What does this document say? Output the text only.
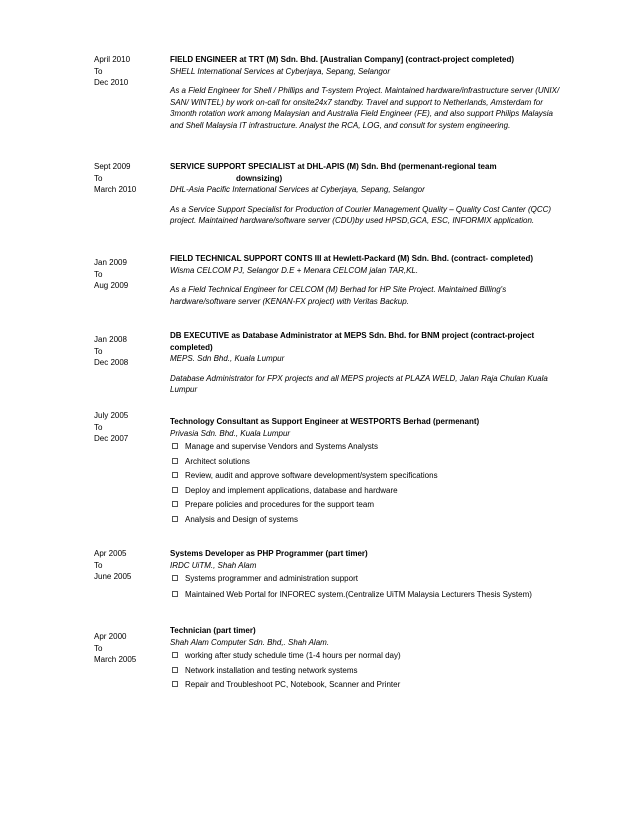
April 2010
To
Dec 2010
FIELD ENGINEER at TRT (M) Sdn. Bhd. [Australian Company] (contract-project completed)
SHELL International Services at Cyberjaya, Sepang, Selangor
As a Field Engineer for Shell / Phillips and T-system Project. Maintained hardware/infrastructure server (UNIX/ SAN/ WINTEL) by work on-call for onsite24x7 standby. Travel and support to Netherlands, Amsterdam for 3month rotation work among Malaysian and Australia Field Engineer (FE), and also support Philips Malaysia and Shell Malaysia IT infrastructure. Analyst the RCA, LOG, and consult for system engineering.
Sept 2009
To
March 2010
SERVICE SUPPORT SPECIALIST at DHL-APIS (M) Sdn. Bhd (permenant-regional team
downsizing)
DHL-Asia Pacific International Services at Cyberjaya, Sepang, Selangor
As a Service Support Specialist for Production of Courier Management Quality – Quality Cost Canter (QCC) project. Maintained hardware/software server (CDU)by used HPSD,GCA, ESC, INFORMIX application.
Jan 2009
To
Aug 2009
FIELD TECHNICAL SUPPORT CONTS III at Hewlett-Packard (M) Sdn. Bhd. (contract- completed)
Wisma CELCOM PJ, Selangor D.E + Menara CELCOM jalan TAR,KL.
As a Field Technical Engineer for CELCOM (M) Berhad for HP Site Project. Maintained Billing's hardware/software server (KENAN-FX project) with Veritas Backup.
Jan 2008
To
Dec 2008
DB EXECUTIVE as Database Administrator at MEPS Sdn. Bhd. for BNM project (contract-project completed)
MEPS. Sdn Bhd., Kuala Lumpur
Database Administrator for FPX projects and all MEPS projects at PLAZA WELD, Jalan Raja Chulan Kuala Lumpur
July 2005
To
Dec 2007
Technology Consultant as Support Engineer at WESTPORTS Berhad (permenant)
Privasia Sdn. Bhd., Kuala Lumpur
Manage and supervise Vendors and Systems Analysts
Architect solutions
Review, audit and approve software development/system specifications
Deploy and implement applications, database and hardware
Prepare policies and procedures for the support team
Analysis and Design of systems
Apr 2005
To
June 2005
Systems Developer as PHP Programmer (part timer)
IRDC UiTM., Shah Alam
Systems programmer and administration support
Maintained Web Portal for INFOREC system.(Centralize UiTM Malaysia Lecturers Thesis System)
Apr 2000
To
March 2005
Technician (part timer)
Shah Alam Computer Sdn. Bhd,. Shah Alam.
working after study schedule time (1-4 hours per normal day)
Network installation and testing network systems
Repair and Troubleshoot PC, Notebook, Scanner and Printer
